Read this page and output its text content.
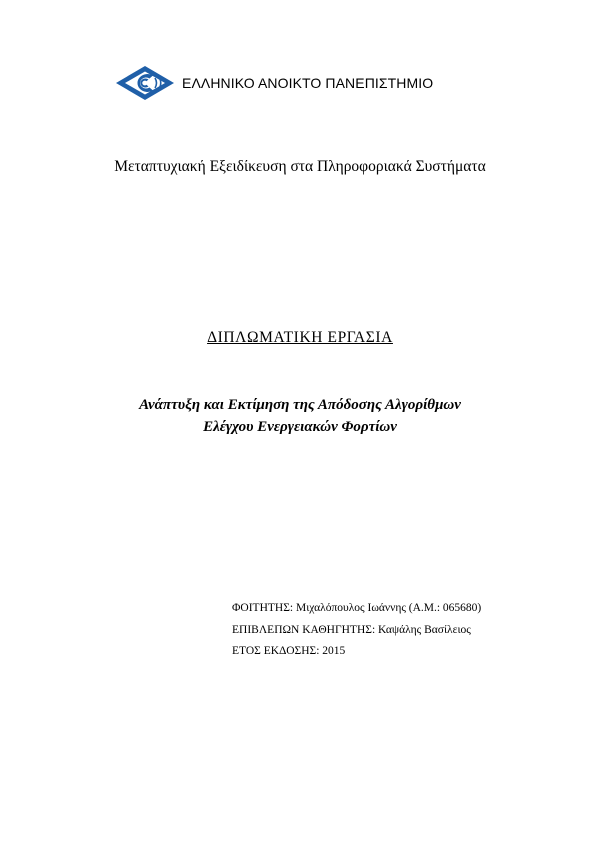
ΕΛΛΗΝΙΚΟ ΑΝΟΙΚΤΟ ΠΑΝΕΠΙΣΤΗΜΙΟ
Μεταπτυχιακή Εξειδίκευση στα Πληροφοριακά Συστήματα
ΔΙΠΛΩΜΑΤΙΚΗ ΕΡΓΑΣΙΑ
Ανάπτυξη και Εκτίμηση της Απόδοσης Αλγορίθμων
Ελέγχου Ενεργειακών Φορτίων
ΦΟΙΤΗΤΗΣ: Μιχαλόπουλος Ιωάννης (Α.Μ.: 065680)
ΕΠΙΒΛΕΠΩΝ ΚΑΘΗΓΗΤΗΣ: Καψάλης Βασίλειος
ΕΤΟΣ ΕΚΔΟΣΗΣ: 2015
